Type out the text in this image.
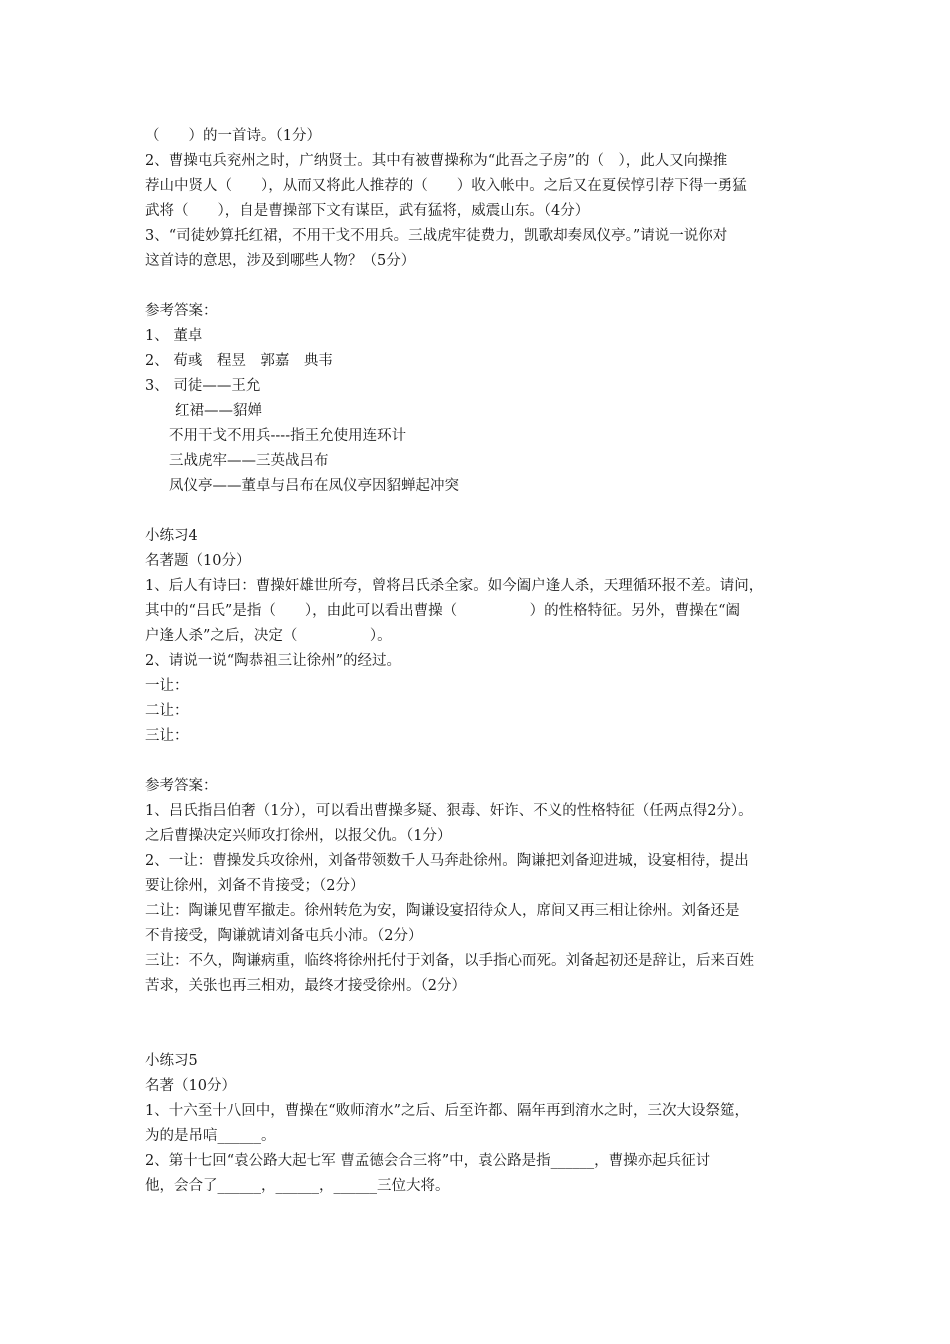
（　　）的一首诗。（1分）
2、曹操屯兵兖州之时，广纳贤士。其中有被曹操称为“此吾之子房”的（　），此人又向操推
荐山中贤人（　　），从而又将此人推荐的（　　）收入帐中。之后又在夏侯惇引荐下得一勇猛
武将（　　），自是曹操部下文有谋臣，武有猛将，威震山东。（4分）
3、“司徒妙算托红裙，不用干戈不用兵。三战虎牢徒费力，凯歌却奏凤仪亭。”请说一说你对
这首诗的意思，涉及到哪些人物？（5分）
参考答案：
1、 董卓
2、 荀彧　程昱　郭嘉　典韦
3、 司徒——王允
红裙——貂婵
不用干戈不用兵----指王允使用连环计
三战虎牢——三英战吕布
凤仪亭——董卓与吕布在凤仪亭因貂蝉起冲突
小练习4
名著题（10分）
1、后人有诗曰：曹操奸雄世所夸，曾将吕氏杀全家。如今阖户逢人杀，天理循环报不差。请问，
其中的“吕氏”是指（　　），由此可以看出曹操（　　　　　）的性格特征。另外，曹操在“阖
户逢人杀”之后，决定（　　　　　）。
2、请说一说“陶恭祖三让徐州”的经过。
一让：
二让：
三让：
参考答案：
1、吕氏指吕伯奢（1分），可以看出曹操多疑、狠毒、奸诈、不义的性格特征（任两点得2分）。
之后曹操决定兴师攻打徐州，以报父仇。（1分）
2、一让：曹操发兵攻徐州，刘备带领数千人马奔赴徐州。陶谦把刘备迎进城，设宴相待，提出
要让徐州，刘备不肯接受；（2分）
二让：陶谦见曹军撤走。徐州转危为安，陶谦设宴招待众人，席间又再三相让徐州。刘备还是
不肯接受，陶谦就请刘备屯兵小沛。（2分）
三让：不久，陶谦病重，临终将徐州托付于刘备，以手指心而死。刘备起初还是辞让，后来百姓
苦求，关张也再三相劝，最终才接受徐州。（2分）
小练习5
名著（10分）
1、十六至十八回中，曹操在“败师淯水”之后、后至许都、隔年再到淯水之时，三次大设祭筵，
为的是吊唁______。
2、第十七回“袁公路大起七军 曹孟德会合三将”中，袁公路是指______，曹操亦起兵征讨
他，会合了______，______，______三位大将。
